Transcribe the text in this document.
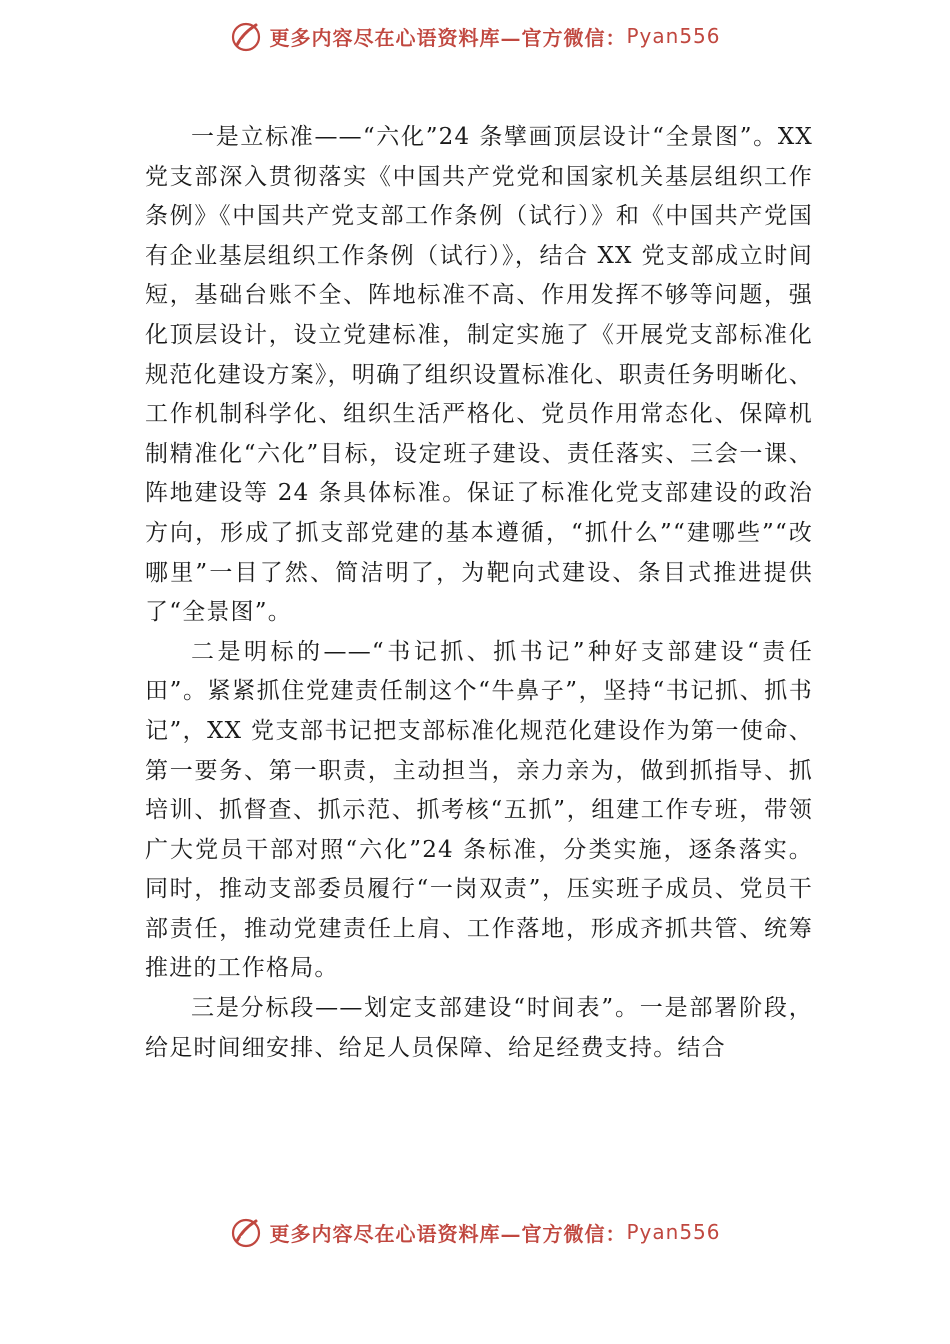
更多内容尽在心语资料库—官方微信： Pyan556

一是立标准——“六化”24 条擘画顶层设计“全景图”。XX 党支部深入贯彻落实《中国共产党党和国家机关基层组织工作条例》《中国共产党支部工作条例（试行）》和《中国共产党国有企业基层组织工作条例（试行）》，结合 XX 党支部成立时间短，基础台账不全、阵地标准不高、作用发挥不够等问题，强化顶层设计，设立党建标准，制定实施了《开展党支部标准化规范化建设方案》，明确了组织设置标准化、职责任务明晰化、工作机制科学化、组织生活严格化、党员作用常态化、保障机制精准化“六化”目标，设定班子建设、责任落实、三会一课、阵地建设等 24 条具体标准。保证了标准化党支部建设的政治方向，形成了抓支部党建的基本遵循，“抓什么”“建哪些”“改哪里”一目了然、简洁明了，为靶向式建设、条目式推进提供了“全景图”。

二是明标的——“书记抓、抓书记”种好支部建设“责任田”。紧紧抓住党建责任制这个“牛鼻子”，坚持“书记抓、抓书记”，XX 党支部书记把支部标准化规范化建设作为第一使命、第一要务、第一职责，主动担当，亲力亲为，做到抓指导、抓培训、抓督查、抓示范、抓考核“五抓”，组建工作专班，带领广大党员干部对照“六化”24 条标准，分类实施，逐条落实。同时，推动支部委员履行“一岗双责”，压实班子成员、党员干部责任，推动党建责任上肩、工作落地，形成齐抓共管、统筹推进的工作格局。

三是分标段——划定支部建设“时间表”。一是部署阶段，给足时间细安排、给足人员保障、给足经费支持。结合

更多内容尽在心语资料库—官方微信： Pyan556
